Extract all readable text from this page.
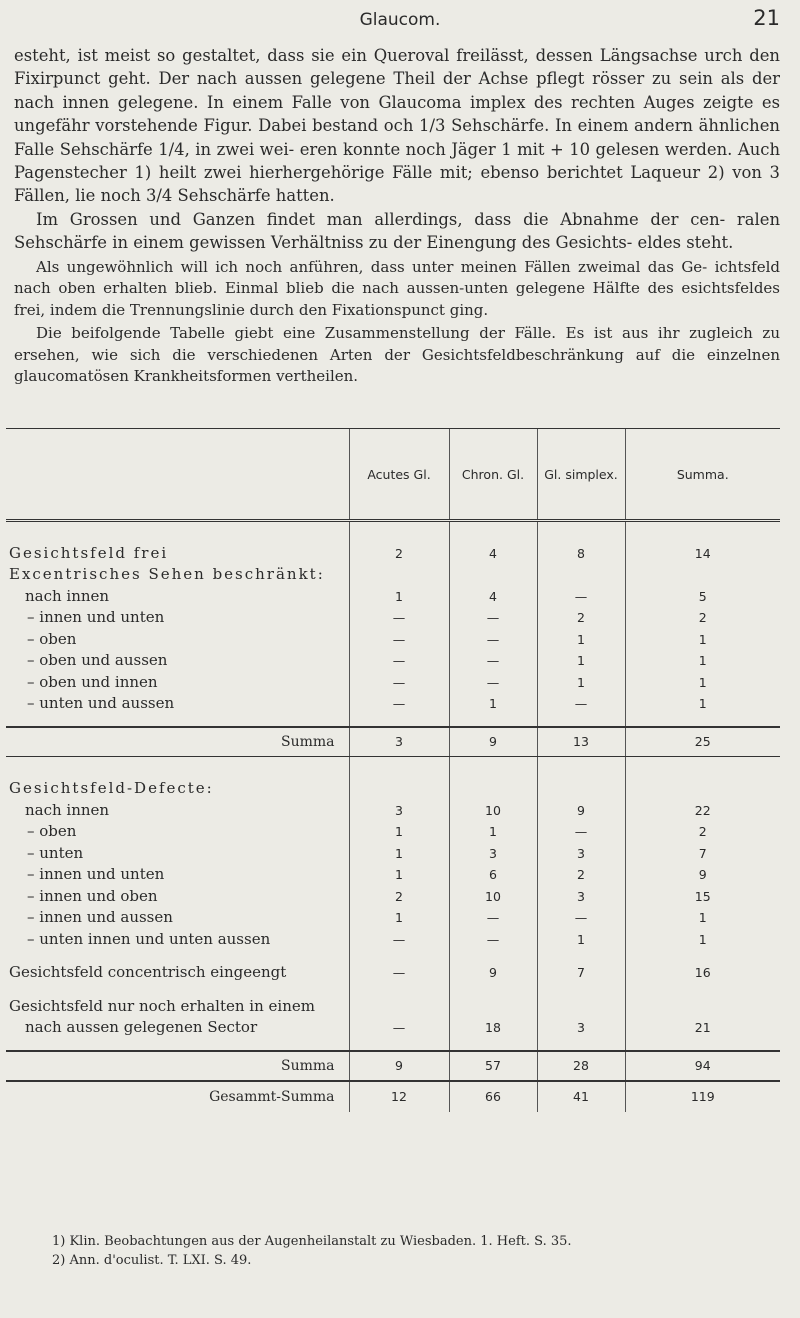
Glaucom.	21

esteht, ist meist so gestaltet, dass sie ein Queroval freilässt, dessen Längsachse urch den Fixirpunct geht. Der nach aussen gelegene Theil der Achse pflegt rösser zu sein als der nach innen gelegene. In einem Falle von Glaucoma implex des rechten Auges zeigte es ungefähr vorstehende Figur. Dabei bestand och 1/3 Sehschärfe. In einem andern ähnlichen Falle Sehschärfe 1/4, in zwei wei- eren konnte noch Jäger 1 mit + 10 gelesen werden. Auch Pagenstecher 1) heilt zwei hierhergehörige Fälle mit; ebenso berichtet Laqueur 2) von 3 Fällen, lie noch 3/4 Sehschärfe hatten.

Im Grossen und Ganzen findet man allerdings, dass die Abnahme der cen- ralen Sehschärfe in einem gewissen Verhältniss zu der Einengung des Gesichts- eldes steht.

Als ungewöhnlich will ich noch anführen, dass unter meinen Fällen zweimal das Ge- ichtsfeld nach oben erhalten blieb. Einmal blieb die nach aussen-unten gelegene Hälfte des esichtsfeldes frei, indem die Trennungslinie durch den Fixationspunct ging.

Die beifolgende Tabelle giebt eine Zusammenstellung der Fälle. Es ist aus ihr zugleich zu ersehen, wie sich die verschiedenen Arten der Gesichtsfeldbeschränkung auf die einzelnen glaucomatösen Krankheitsformen vertheilen.

	Acutes Gl.	Chron. Gl.	Gl. simplex.	Summa.

Gesichtsfeld frei	2	4	8	14
Excentrisches Sehen beschränkt:				
nach innen	1	4	—	5
– innen und unten	—	—	2	2
– oben	—	—	1	1
– oben und aussen	—	—	1	1
– oben und innen	—	—	1	1
– unten und aussen	—	1	—	1

Summa	3	9	13	25

Gesichtsfeld-Defecte:				
nach innen	3	10	9	22
– oben	1	1	—	2
– unten	1	3	3	7
– innen und unten	1	6	2	9
– innen und oben	2	10	3	15
– innen und aussen	1	—	—	1
– unten innen und unten aussen	—	—	1	1

Gesichtsfeld concentrisch eingeengt	—	9	7	16

Gesichtsfeld nur noch erhalten in einem				
nach aussen gelegenen Sector	—	18	3	21

Summa	9	57	28	94
Gesammt-Summa	12	66	41	119

1) Klin. Beobachtungen aus der Augenheilanstalt zu Wiesbaden. 1. Heft. S. 35.

2) Ann. d'oculist. T. LXI. S. 49.
